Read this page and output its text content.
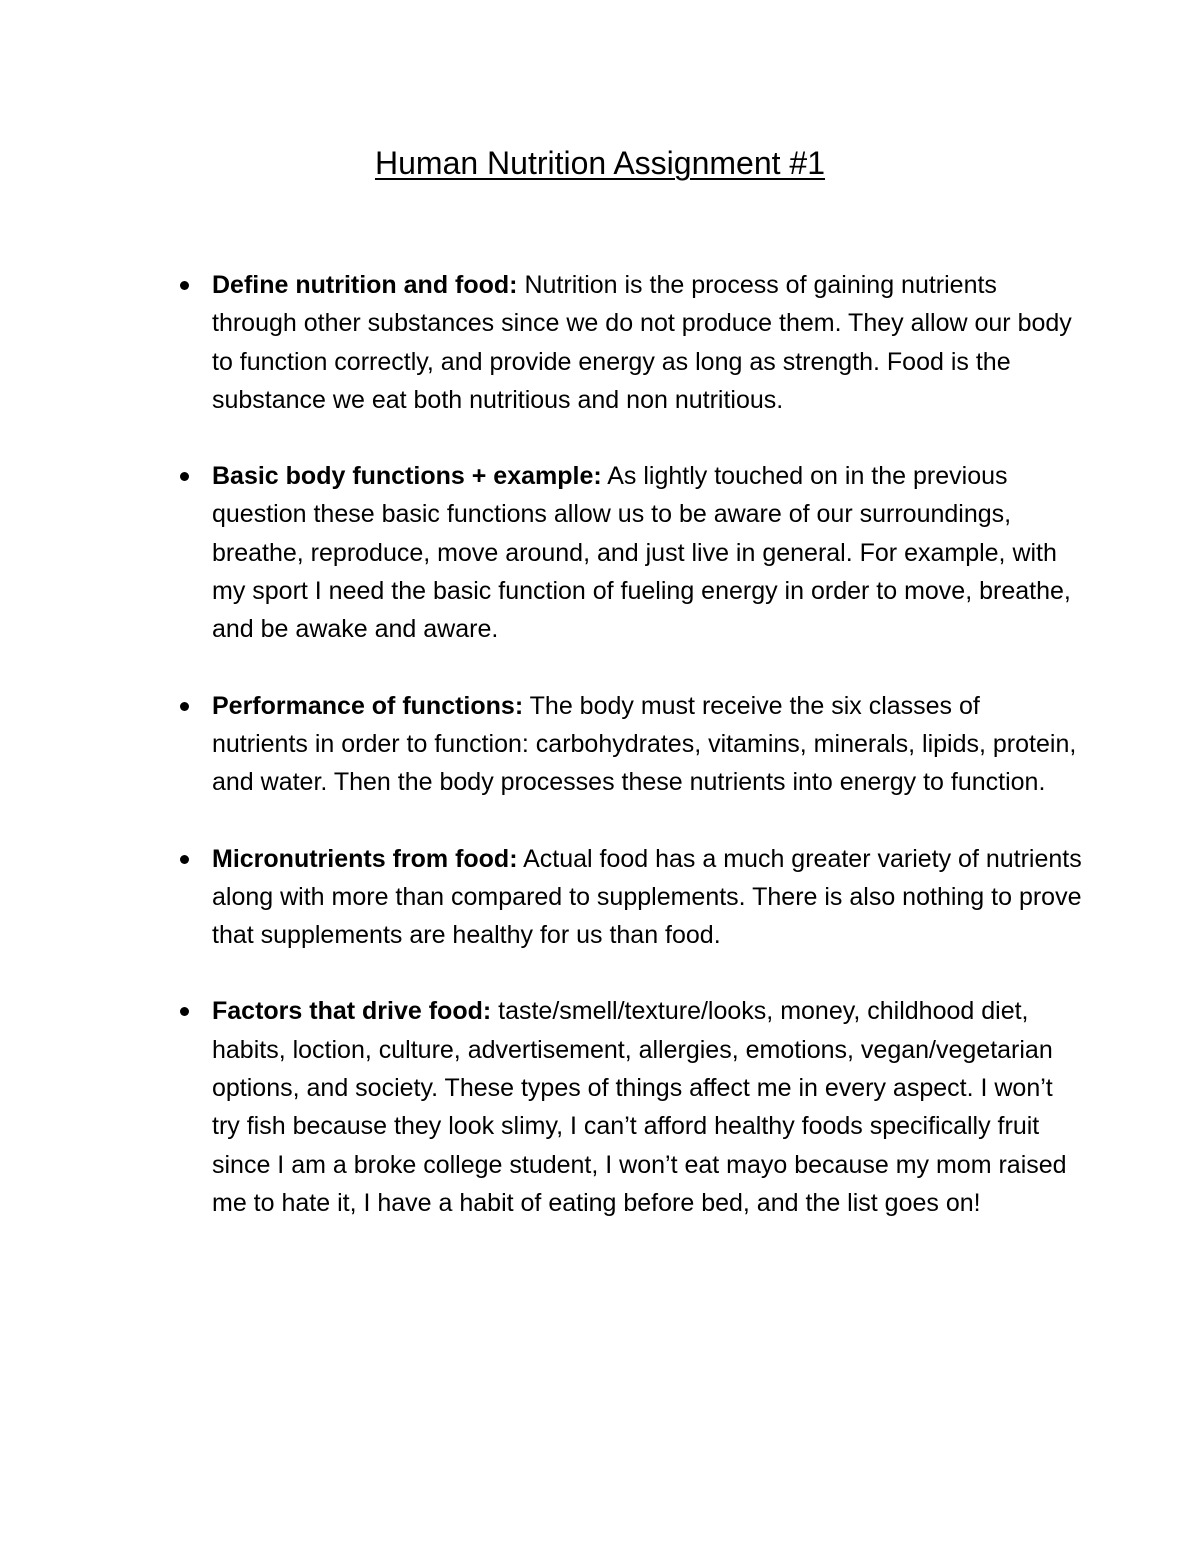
Human Nutrition Assignment #1
Define nutrition and food: Nutrition is the process of gaining nutrients through other substances since we do not produce them. They allow our body to function correctly, and provide energy as long as strength. Food is the substance we eat both nutritious and non nutritious.
Basic body functions + example: As lightly touched on in the previous question these basic functions allow us to be aware of our surroundings, breathe, reproduce, move around, and just live in general. For example, with my sport I need the basic function of fueling energy in order to move, breathe, and be awake and aware.
Performance of functions: The body must receive the six classes of nutrients in order to function: carbohydrates, vitamins, minerals, lipids, protein, and water. Then the body processes these nutrients into energy to function.
Micronutrients from food: Actual food has a much greater variety of nutrients along with more than compared to supplements. There is also nothing to prove that supplements are healthy for us than food.
Factors that drive food: taste/smell/texture/looks, money, childhood diet, habits, loction, culture, advertisement, allergies, emotions, vegan/vegetarian options, and society. These types of things affect me in every aspect. I won’t try fish because they look slimy, I can’t afford healthy foods specifically fruit since I am a broke college student, I won’t eat mayo because my mom raised me to hate it, I have a habit of eating before bed, and the list goes on!
